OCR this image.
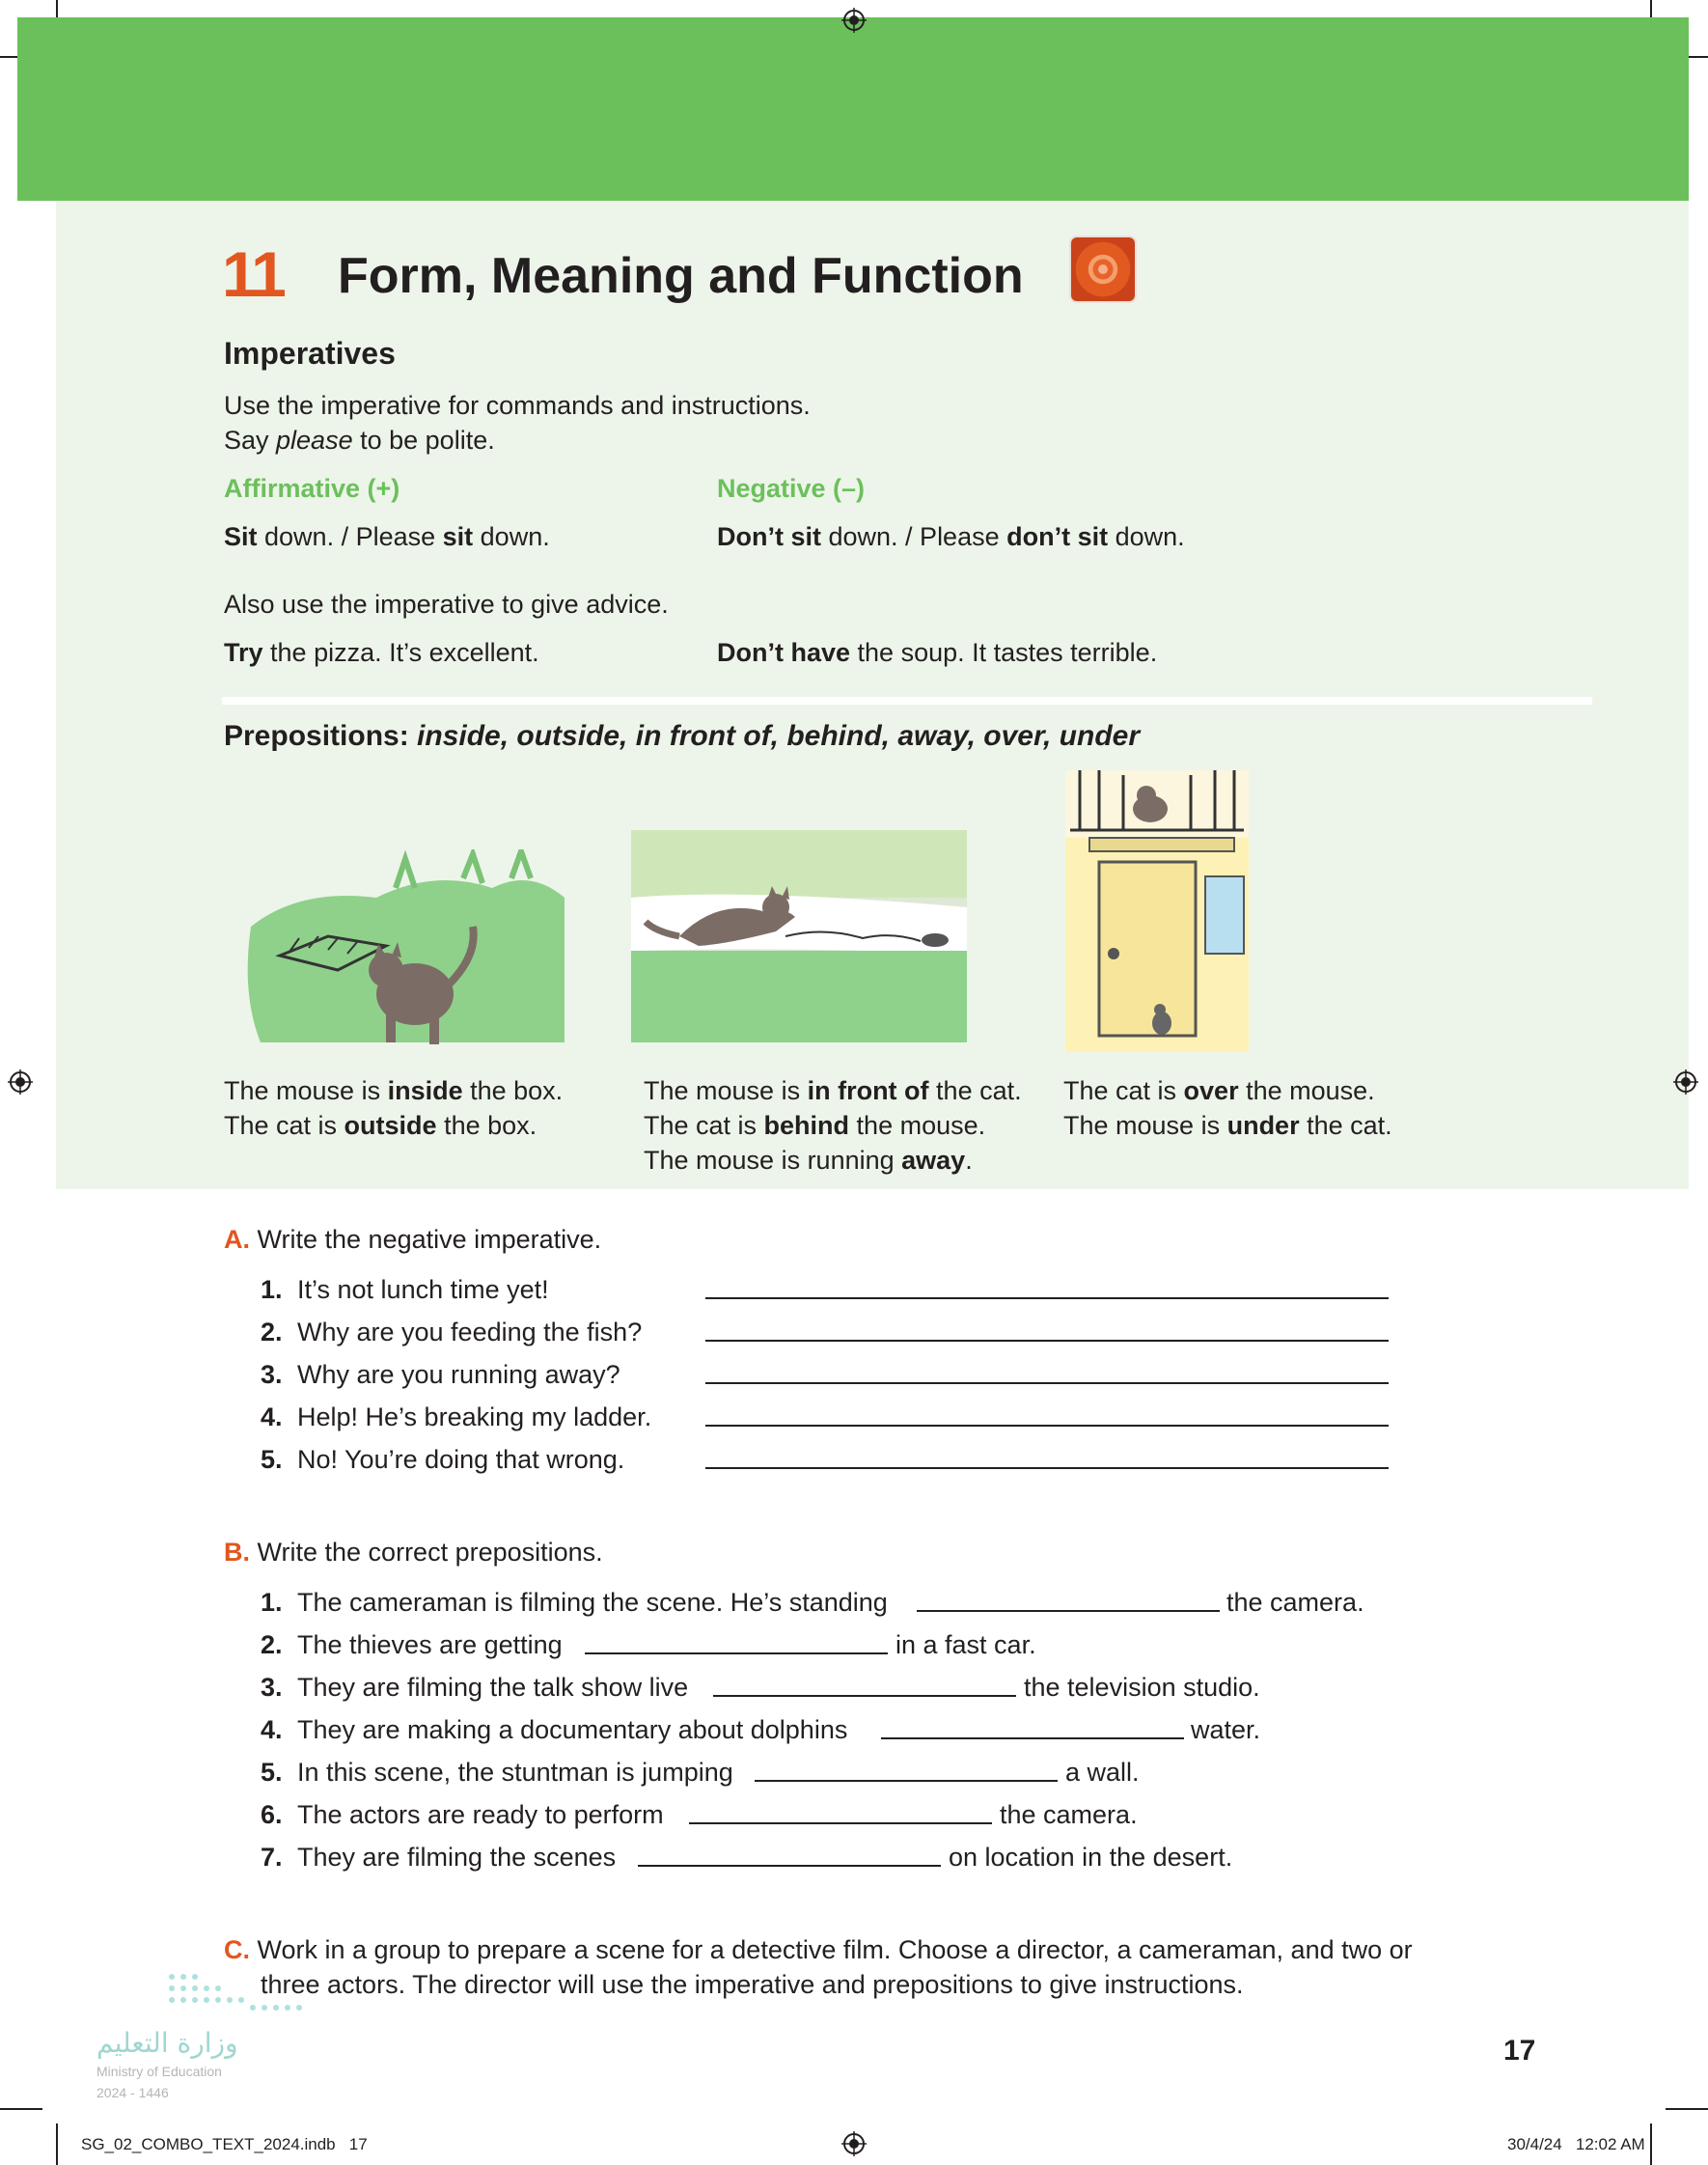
11 Form, Meaning and Function
Imperatives
Use the imperative for commands and instructions.
Say please to be polite.
Affirmative (+)	Negative (–)
Sit down. / Please sit down.	Don’t sit down. / Please don’t sit down.
Also use the imperative to give advice.
Try the pizza. It’s excellent.	Don’t have the soup. It tastes terrible.
Prepositions: inside, outside, in front of, behind, away, over, under
The mouse is inside the box.
The cat is outside the box.
The mouse is in front of the cat.
The cat is behind the mouse.
The mouse is running away.
The cat is over the mouse.
The mouse is under the cat.
A. Write the negative imperative.
1. It’s not lunch time yet!
2. Why are you feeding the fish?
3. Why are you running away?
4. Help! He’s breaking my ladder.
5. No! You’re doing that wrong.
B. Write the correct prepositions.
1. The cameraman is filming the scene. He’s standing	the camera.
2. The thieves are getting	in a fast car.
3. They are filming the talk show live	the television studio.
4. They are making a documentary about dolphins	water.
5. In this scene, the stuntman is jumping	a wall.
6. The actors are ready to perform	the camera.
7. They are filming the scenes	on location in the desert.
C. Work in a group to prepare a scene for a detective film. Choose a director, a cameraman, and two or
three actors. The director will use the imperative and prepositions to give instructions.
وزارة التعليم
Ministry of Education
2024 - 1446
17
SG_02_COMBO_TEXT_2024.indb   17	30/4/24   12:02 AM
